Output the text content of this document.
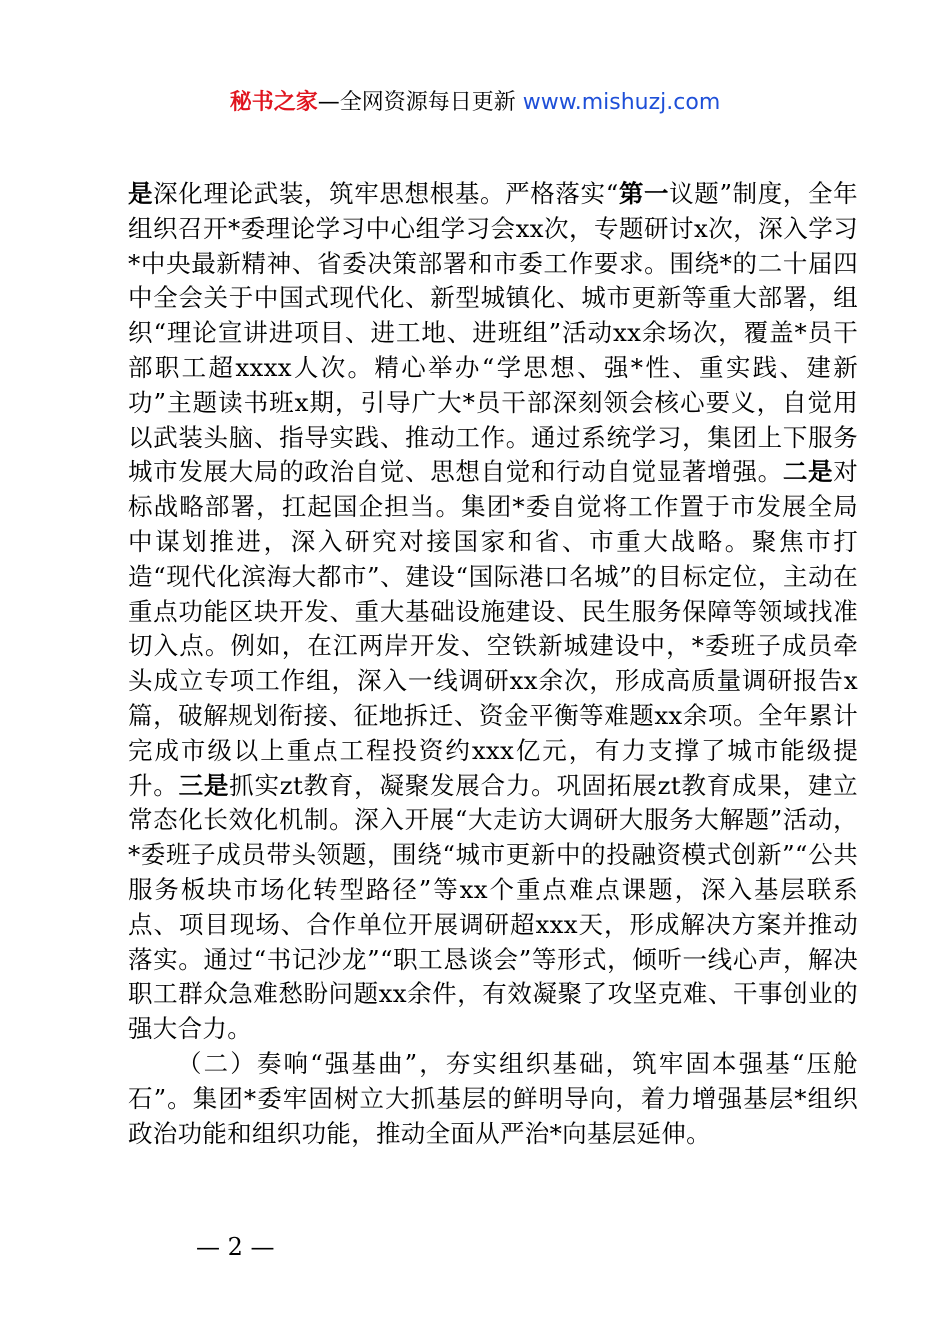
秘书之家—全网资源每日更新 www.mishuzj.com

是深化理论武装，筑牢思想根基。严格落实“第一议题”制度，全年组织召开*委理论学习中心组学习会xx次，专题研讨x次，深入学习*中央最新精神、省委决策部署和市委工作要求。围绕*的二十届四中全会关于中国式现代化、新型城镇化、城市更新等重大部署，组织“理论宣讲进项目、进工地、进班组”活动xx余场次，覆盖*员干部职工超xxxx人次。精心举办“学思想、强*性、重实践、建新功”主题读书班x期，引导广大*员干部深刻领会核心要义，自觉用以武装头脑、指导实践、推动工作。通过系统学习，集团上下服务城市发展大局的政治自觉、思想自觉和行动自觉显著增强。二是对标战略部署，扛起国企担当。集团*委自觉将工作置于市发展全局中谋划推进，深入研究对接国家和省、市重大战略。聚焦市打造“现代化滨海大都市”、建设“国际港口名城”的目标定位，主动在重点功能区块开发、重大基础设施建设、民生服务保障等领域找准切入点。例如，在江两岸开发、空铁新城建设中，*委班子成员牵头成立专项工作组，深入一线调研xx余次，形成高质量调研报告x篇，破解规划衔接、征地拆迁、资金平衡等难题xx余项。全年累计完成市级以上重点工程投资约xxx亿元，有力支撑了城市能级提升。三是抓实zt教育，凝聚发展合力。巩固拓展zt教育成果，建立常态化长效化机制。深入开展“大走访大调研大服务大解题”活动，*委班子成员带头领题，围绕“城市更新中的投融资模式创新”“公共服务板块市场化转型路径”等xx个重点难点课题，深入基层联系点、项目现场、合作单位开展调研超xxx天，形成解决方案并推动落实。通过“书记沙龙”“职工恳谈会”等形式，倾听一线心声，解决职工群众急难愁盼问题xx余件，有效凝聚了攻坚克难、干事创业的强大合力。

（二）奏响“强基曲”，夯实组织基础，筑牢固本强基“压舱石”。集团*委牢固树立大抓基层的鲜明导向，着力增强基层*组织政治功能和组织功能，推动全面从严治*向基层延伸。

— 2 —
